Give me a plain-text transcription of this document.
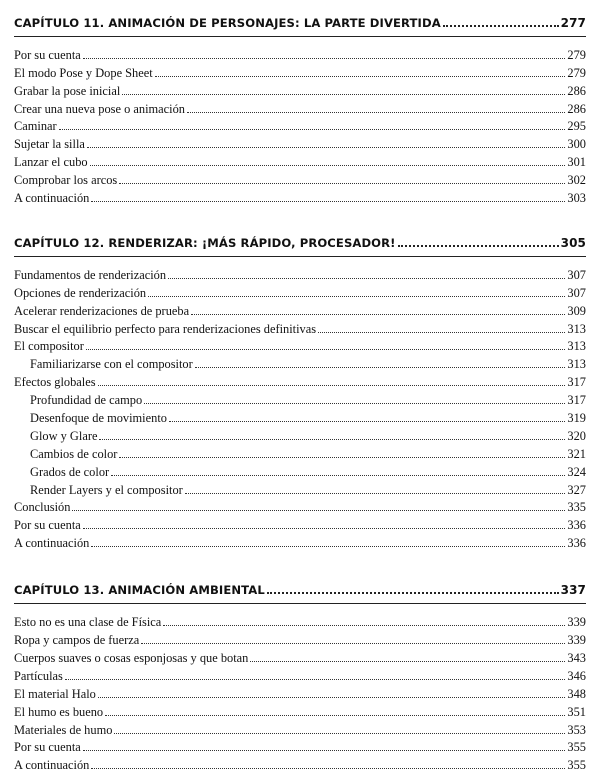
CAPÍTULO 11. ANIMACIÓN DE PERSONAJES: LA PARTE DIVERTIDA	277
Por su cuenta	279
El modo Pose y Dope Sheet	279
Grabar la pose inicial	286
Crear una nueva pose o animación	286
Caminar	295
Sujetar la silla	300
Lanzar el cubo	301
Comprobar los arcos	302
A continuación	303
CAPÍTULO 12. RENDERIZAR: ¡MÁS RÁPIDO, PROCESADOR!	305
Fundamentos de renderización	307
Opciones de renderización	307
Acelerar renderizaciones de prueba	309
Buscar el equilibrio perfecto para renderizaciones definitivas	313
El compositor	313
Familiarizarse con el compositor	313
Efectos globales	317
Profundidad de campo	317
Desenfoque de movimiento	319
Glow y Glare	320
Cambios de color	321
Grados de color	324
Render Layers y el compositor	327
Conclusión	335
Por su cuenta	336
A continuación	336
CAPÍTULO 13. ANIMACIÓN AMBIENTAL	337
Esto no es una clase de Física	339
Ropa y campos de fuerza	339
Cuerpos suaves o cosas esponjosas y que botan	343
Partículas	346
El material Halo	348
El humo es bueno	351
Materiales de humo	353
Por su cuenta	355
A continuación	355
